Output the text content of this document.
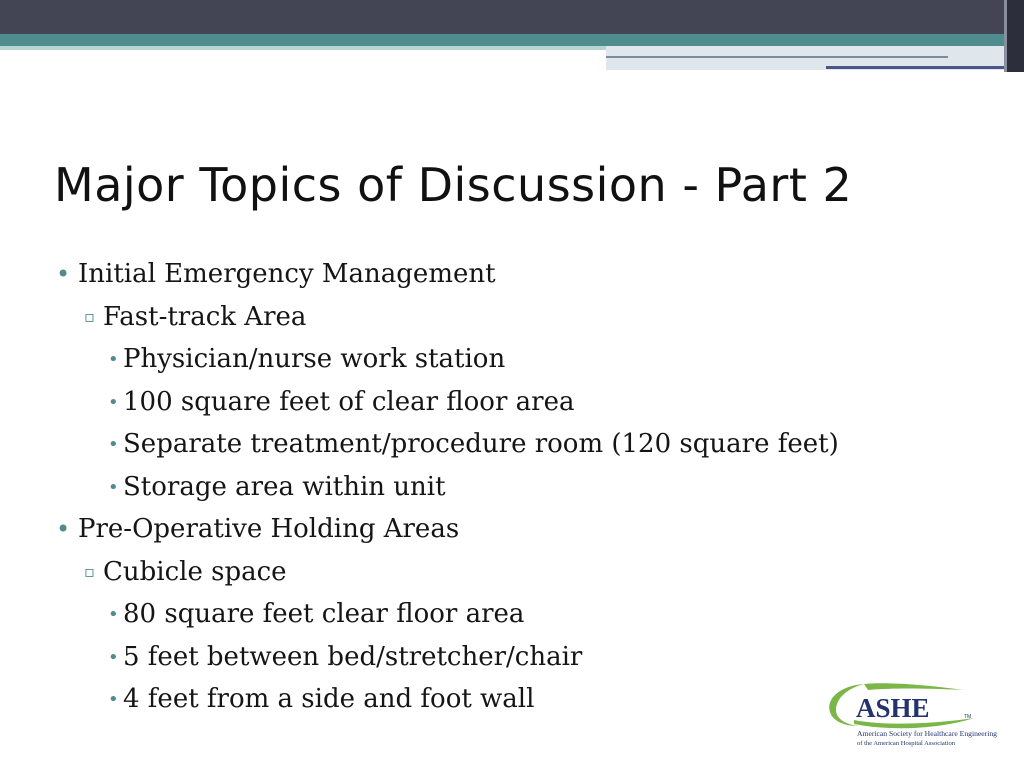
Major Topics of Discussion - Part 2
• Initial Emergency Management
▫ Fast-track Area
• Physician/nurse work station
• 100 square feet of clear floor area
• Separate treatment/procedure room (120 square feet)
• Storage area within unit
• Pre-Operative Holding Areas
▫ Cubicle space
• 80 square feet clear floor area
• 5 feet between bed/stretcher/chair
• 4 feet from a side and foot wall	ASHE	TM
American Society for Healthcare Engineering
of the American Hospital Association
